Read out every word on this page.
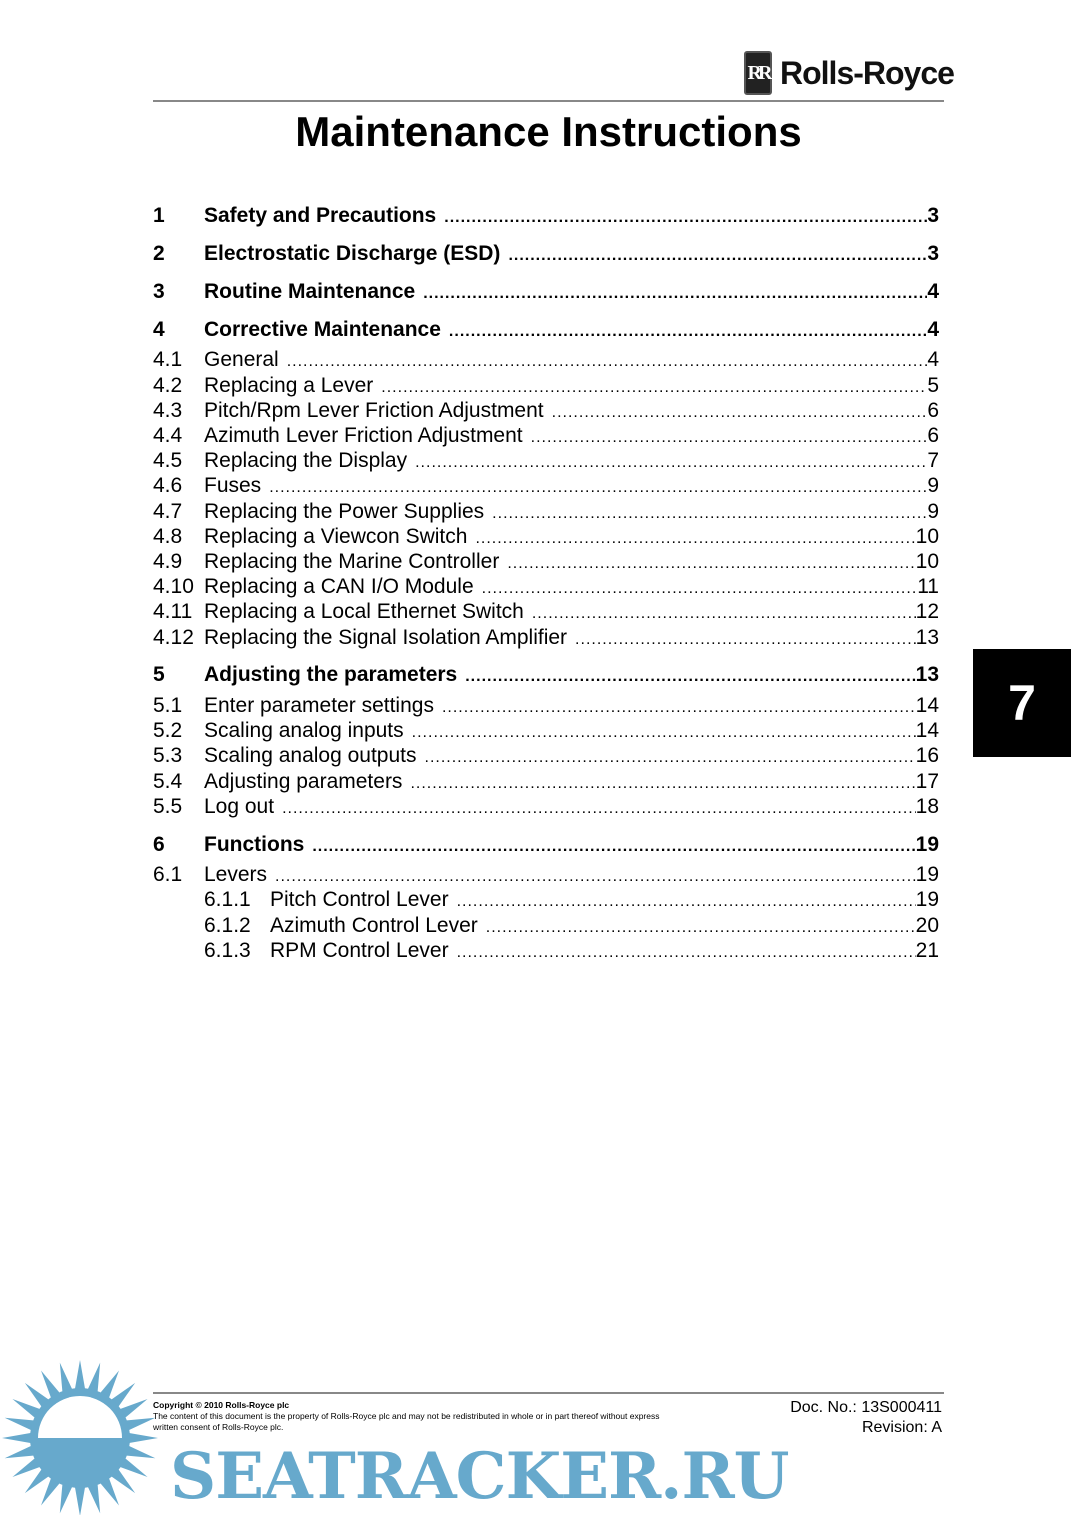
RR Rolls-Royce
Maintenance Instructions
1	Safety and Precautions .....	3
2	Electrostatic Discharge (ESD) .....	3
3	Routine Maintenance .....	4
4	Corrective Maintenance .....	4
4.1	General .....	4
4.2	Replacing a Lever .....	5
4.3	Pitch/Rpm Lever Friction Adjustment .....	6
4.4	Azimuth Lever Friction Adjustment .....	6
4.5	Replacing the Display .....	7
4.6	Fuses .....	9
4.7	Replacing the Power Supplies .....	9
4.8	Replacing a Viewcon Switch .....	10
4.9	Replacing the Marine Controller .....	10
4.10 Replacing a CAN I/O Module .....	11
4.11 Replacing a Local Ethernet Switch .....	12
4.12 Replacing the Signal Isolation Amplifier .....	13
5	Adjusting the parameters .....	13
5.1	Enter parameter settings .....	14
5.2	Scaling analog inputs .....	14
5.3	Scaling analog outputs .....	16
5.4	Adjusting parameters .....	17
5.5	Log out .....	18
6	Functions .....	19
6.1	Levers .....	19
6.1.1 Pitch Control Lever .....	19
6.1.2 Azimuth Control Lever .....	20
6.1.3 RPM Control Lever .....	21
7
SEATRACKER.RU
Copyright © 2010 Rolls-Royce plc
The content of this document is the property of Rolls-Royce plc and may not be redistributed in whole or in part thereof without express written consent of Rolls-Royce plc.
Doc. No.: 13S000411
Revision: A
